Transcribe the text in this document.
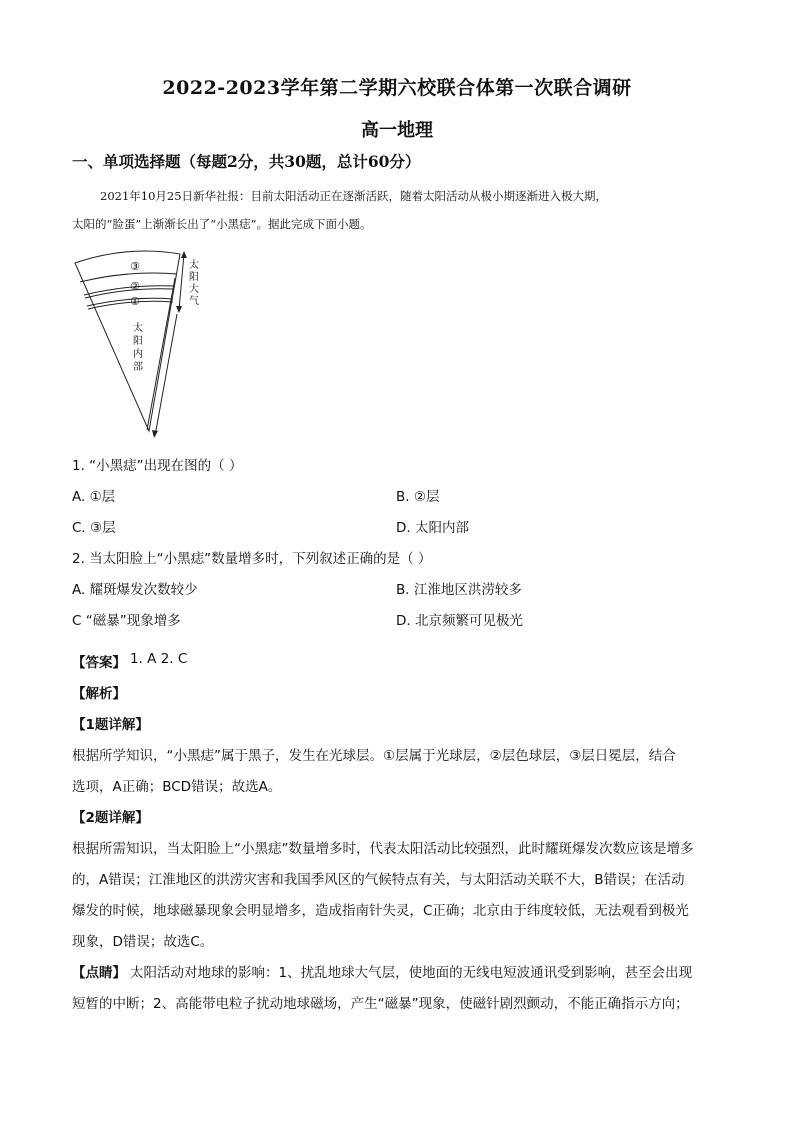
2022-2023学年第二学期六校联合体第一次联合调研
高一地理
一、单项选择题（每题2分，共30题，总计60分）
2021年10月25日新华社报：目前太阳活动正在逐渐活跃，随着太阳活动从极小期逐渐进入极大期，
太阳的“脸蛋”上渐渐长出了“小黑痣”。据此完成下面小题。
③
②
①
太阳大气
太阳内部
1. “小黑痣”出现在图的（ ）
A. ①层	B. ②层
C. ③层	D. 太阳内部
2. 当太阳脸上“小黑痣”数量增多时，下列叙述正确的是（ ）
A. 耀斑爆发次数较少	B. 江淮地区洪涝较多
C “磁暴”现象增多	D. 北京频繁可见极光
【答案】 1. A 2. C
【解析】
【1题详解】
根据所学知识，“小黑痣”属于黑子，发生在光球层。①层属于光球层，②层色球层，③层日冕层，结合
选项，A正确；BCD错误；故选A。
【2题详解】
根据所需知识，当太阳脸上“小黑痣”数量增多时，代表太阳活动比较强烈，此时耀斑爆发次数应该是增多
的，A错误；江淮地区的洪涝灾害和我国季风区的气候特点有关，与太阳活动关联不大，B错误；在活动
爆发的时候，地球磁暴现象会明显增多，造成指南针失灵，C正确；北京由于纬度较低，无法观看到极光
现象，D错误；故选C。
【点睛】 太阳活动对地球的影响：1、扰乱地球大气层，使地面的无线电短波通讯受到影响，甚至会出现
短暂的中断；2、高能带电粒子扰动地球磁场，产生“磁暴”现象，使磁针剧烈颤动，不能正确指示方向；
